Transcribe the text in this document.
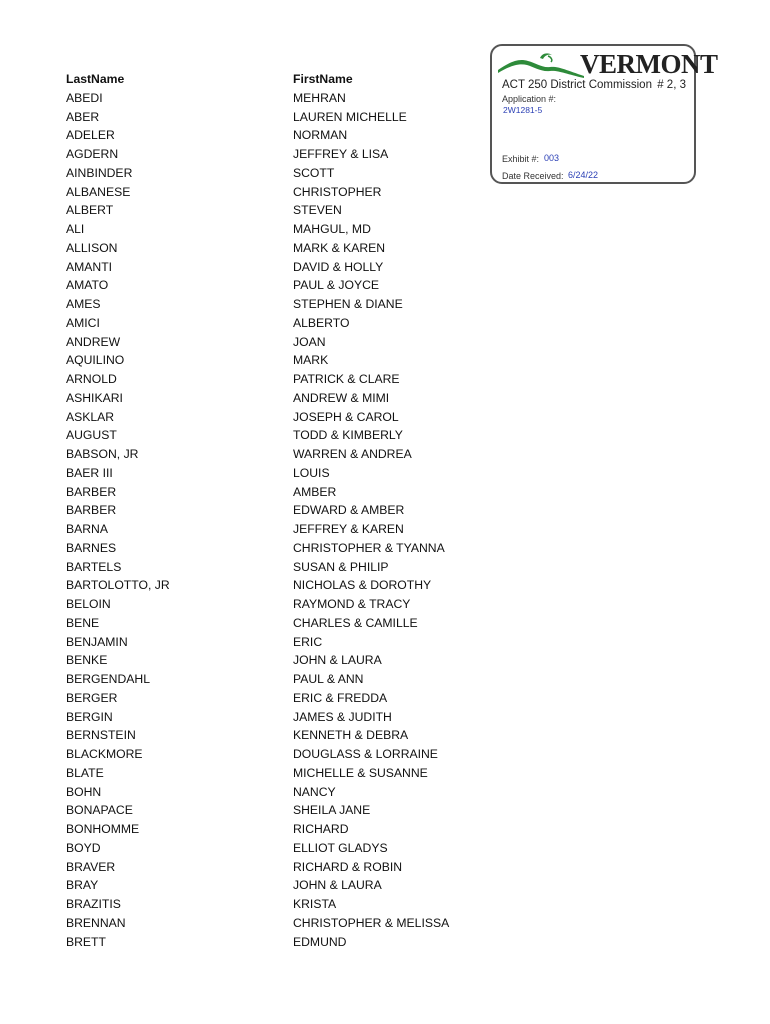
LastName	FirstName
ABEDI	MEHRAN
ABER	LAUREN MICHELLE
ADELER	NORMAN
AGDERN	JEFFREY & LISA
AINBINDER	SCOTT
ALBANESE	CHRISTOPHER
ALBERT	STEVEN
ALI	MAHGUL, MD
ALLISON	MARK & KAREN
AMANTI	DAVID & HOLLY
AMATO	PAUL & JOYCE
AMES	STEPHEN & DIANE
AMICI	ALBERTO
ANDREW	JOAN
AQUILINO	MARK
ARNOLD	PATRICK & CLARE
ASHIKARI	ANDREW & MIMI
ASKLAR	JOSEPH & CAROL
AUGUST	TODD & KIMBERLY
BABSON, JR	WARREN & ANDREA
BAER III	LOUIS
BARBER	AMBER
BARBER	EDWARD & AMBER
BARNA	JEFFREY & KAREN
BARNES	CHRISTOPHER & TYANNA
BARTELS	SUSAN & PHILIP
BARTOLOTTO, JR	NICHOLAS & DOROTHY
BELOIN	RAYMOND & TRACY
BENE	CHARLES & CAMILLE
BENJAMIN	ERIC
BENKE	JOHN & LAURA
BERGENDAHL	PAUL & ANN
BERGER	ERIC & FREDDA
BERGIN	JAMES & JUDITH
BERNSTEIN	KENNETH & DEBRA
BLACKMORE	DOUGLASS & LORRAINE
BLATE	MICHELLE & SUSANNE
BOHN	NANCY
BONAPACE	SHEILA JANE
BONHOMME	RICHARD
BOYD	ELLIOT GLADYS
BRAVER	RICHARD & ROBIN
BRAY	JOHN & LAURA
BRAZITIS	KRISTA
BRENNAN	CHRISTOPHER & MELISSA
BRETT	EDMUND
VERMONT
ACT 250 District Commission # 2, 3
Application #:
2W1281-5
Exhibit #: 003
Date Received: 6/24/22
